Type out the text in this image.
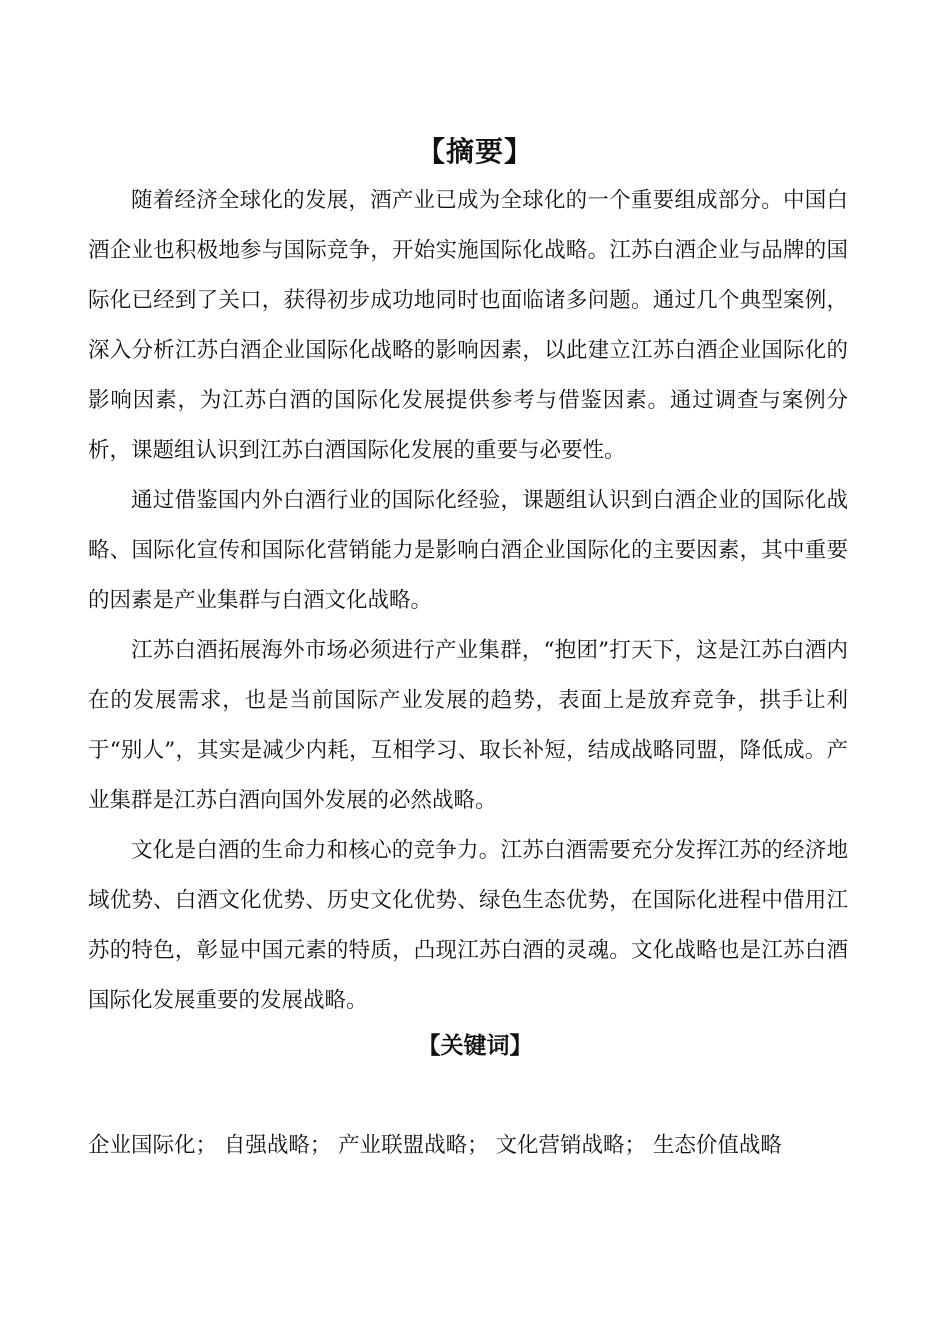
【摘要】

随着经济全球化的发展，酒产业已成为全球化的一个重要组成部分。中国白酒企业也积极地参与国际竞争，开始实施国际化战略。江苏白酒企业与品牌的国际化已经到了关口，获得初步成功地同时也面临诸多问题。通过几个典型案例，深入分析江苏白酒企业国际化战略的影响因素，以此建立江苏白酒企业国际化的影响因素，为江苏白酒的国际化发展提供参考与借鉴因素。通过调查与案例分析，课题组认识到江苏白酒国际化发展的重要与必要性。

通过借鉴国内外白酒行业的国际化经验，课题组认识到白酒企业的国际化战略、国际化宣传和国际化营销能力是影响白酒企业国际化的主要因素，其中重要的因素是产业集群与白酒文化战略。

江苏白酒拓展海外市场必须进行产业集群，“抱团”打天下，这是江苏白酒内在的发展需求，也是当前国际产业发展的趋势，表面上是放弃竞争，拱手让利于“别人”，其实是减少内耗，互相学习、取长补短，结成战略同盟，降低成。产业集群是江苏白酒向国外发展的必然战略。

文化是白酒的生命力和核心的竞争力。江苏白酒需要充分发挥江苏的经济地域优势、白酒文化优势、历史文化优势、绿色生态优势，在国际化进程中借用江苏的特色，彰显中国元素的特质，凸现江苏白酒的灵魂。文化战略也是江苏白酒国际化发展重要的发展战略。

【关键词】
企业国际化； 自强战略； 产业联盟战略； 文化营销战略； 生态价值战略
